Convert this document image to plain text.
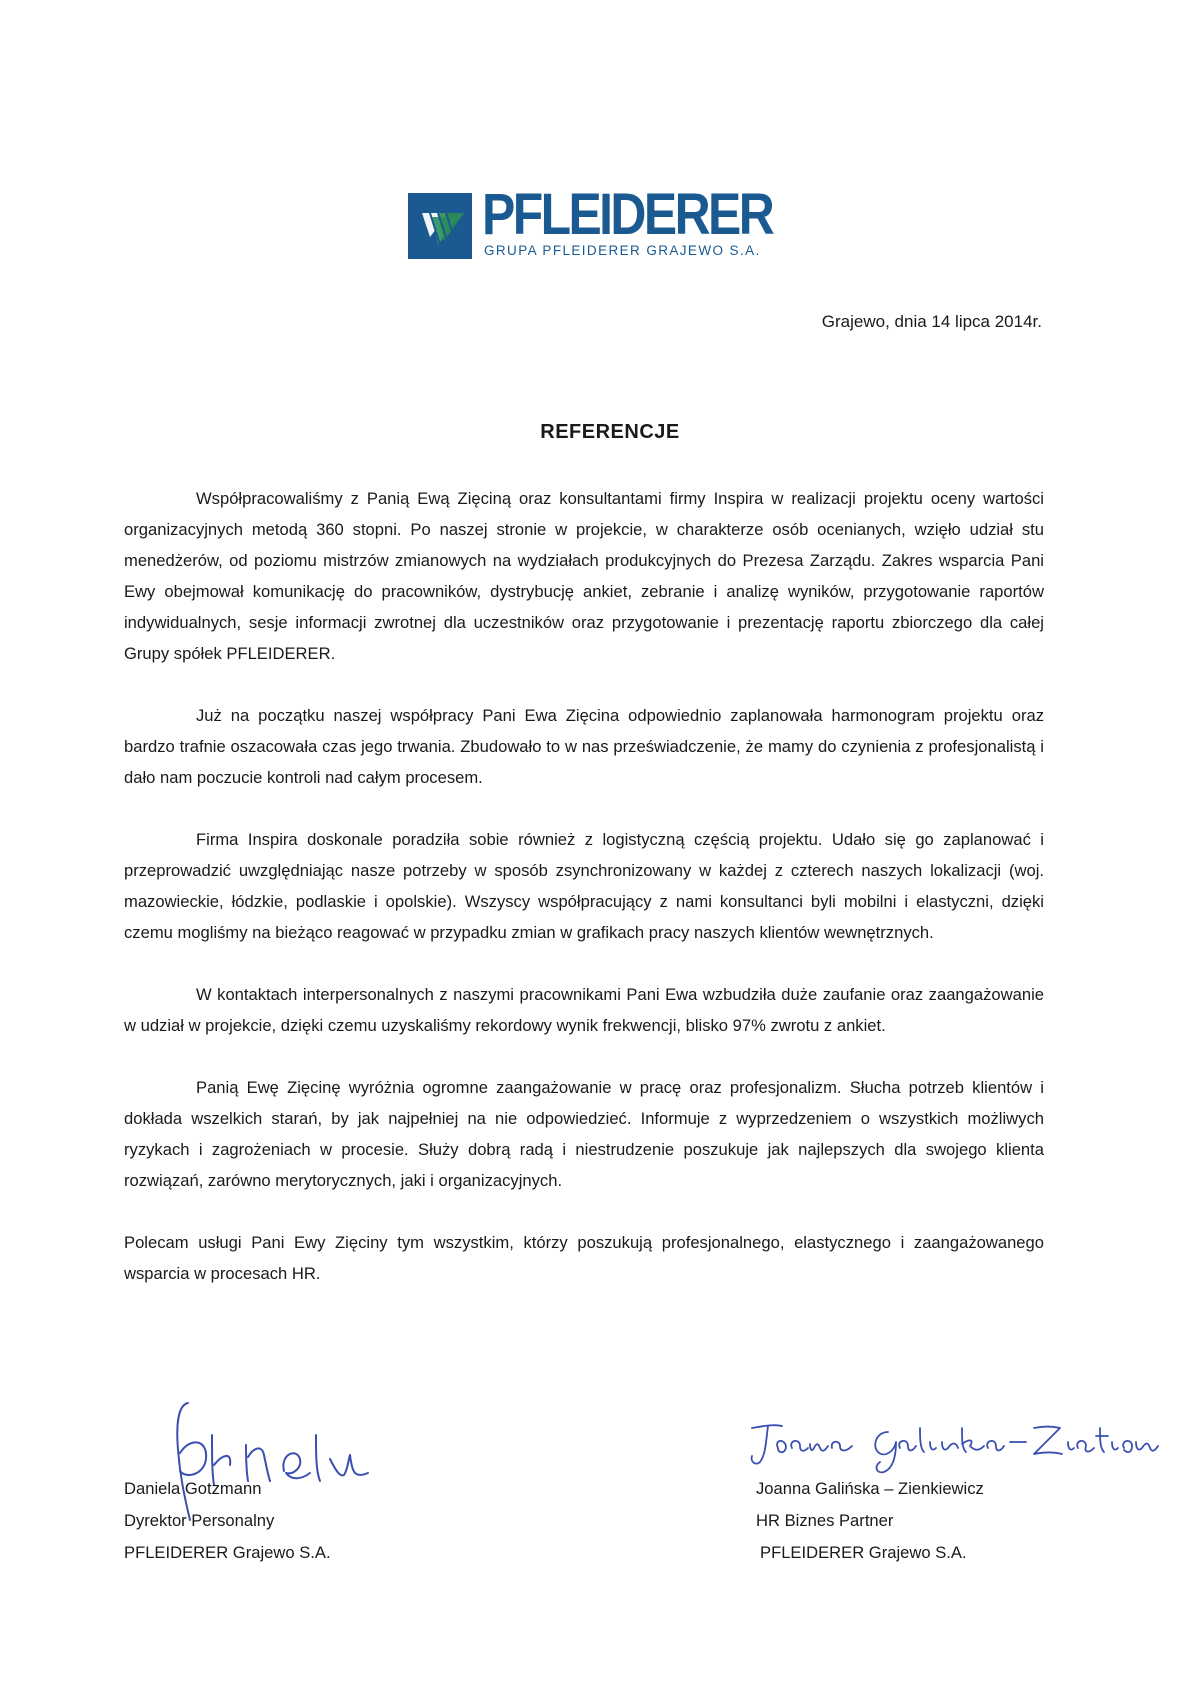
PFLEIDERER
GRUPA PFLEIDERER GRAJEWO S.A.
Grajewo, dnia 14 lipca 2014r.
REFERENCJE

Współpracowaliśmy z Panią Ewą Zięciną oraz konsultantami firmy Inspira w realizacji projektu oceny wartości organizacyjnych metodą 360 stopni. Po naszej stronie w projekcie, w charakterze osób ocenianych, wzięło udział stu menedżerów, od poziomu mistrzów zmianowych na wydziałach produkcyjnych do Prezesa Zarządu. Zakres wsparcia Pani Ewy obejmował komunikację do pracowników, dystrybucję ankiet, zebranie i analizę wyników, przygotowanie raportów indywidualnych, sesje informacji zwrotnej dla uczestników oraz przygotowanie i prezentację raportu zbiorczego dla całej Grupy spółek PFLEIDERER.

Już na początku naszej współpracy Pani Ewa Zięcina odpowiednio zaplanowała harmonogram projektu oraz bardzo trafnie oszacowała czas jego trwania. Zbudowało to w nas przeświadczenie, że mamy do czynienia z profesjonalistą i dało nam poczucie kontroli nad całym procesem.

Firma Inspira doskonale poradziła sobie również z logistyczną częścią projektu. Udało się go zaplanować i przeprowadzić uwzględniając nasze potrzeby w sposób zsynchronizowany w każdej z czterech naszych lokalizacji (woj. mazowieckie, łódzkie, podlaskie i opolskie). Wszyscy współpracujący z nami konsultanci byli mobilni i elastyczni, dzięki czemu mogliśmy na bieżąco reagować w przypadku zmian w grafikach pracy naszych klientów wewnętrznych.

W kontaktach interpersonalnych z naszymi pracownikami Pani Ewa wzbudziła duże zaufanie oraz zaangażowanie w udział w projekcie, dzięki czemu uzyskaliśmy rekordowy wynik frekwencji, blisko 97% zwrotu z ankiet.

Panią Ewę Zięcinę wyróżnia ogromne zaangażowanie w pracę oraz profesjonalizm. Słucha potrzeb klientów i dokłada wszelkich starań, by jak najpełniej na nie odpowiedzieć. Informuje z wyprzedzeniem o wszystkich możliwych ryzykach i zagrożeniach w procesie. Służy dobrą radą i niestrudzenie poszukuje jak najlepszych dla swojego klienta rozwiązań, zarówno merytorycznych, jaki i organizacyjnych.

Polecam usługi Pani Ewy Zięciny tym wszystkim, którzy poszukują profesjonalnego, elastycznego i zaangażowanego wsparcia w procesach HR.

Daniela Gotzmann
Dyrektor Personalny
PFLEIDERER Grajewo S.A.
Joanna Galińska – Zienkiewicz
HR Biznes Partner
PFLEIDERER Grajewo S.A.
